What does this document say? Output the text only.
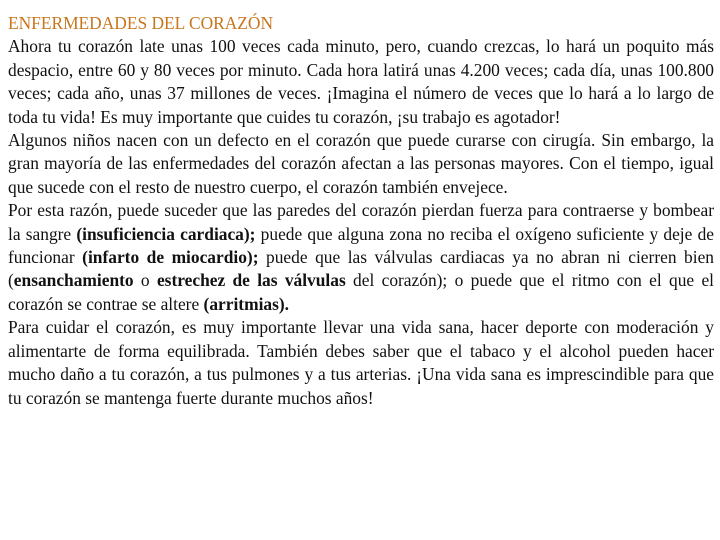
ENFERMEDADES DEL CORAZÓN

Ahora tu corazón late unas 100 veces cada minuto, pero, cuando crezcas, lo hará un poquito más despacio, entre 60 y 80 veces por minuto. Cada hora latirá unas 4.200 veces; cada día, unas 100.800 veces; cada año, unas 37 millones de veces. ¡Imagina el número de veces que lo hará a lo largo de toda tu vida! Es muy importante que cuides tu corazón, ¡su trabajo es agotador!

Algunos niños nacen con un defecto en el corazón que puede curarse con cirugía. Sin embargo, la gran mayoría de las enfermedades del corazón afectan a las personas mayores. Con el tiempo, igual que sucede con el resto de nuestro cuerpo, el corazón también envejece.

Por esta razón, puede suceder que las paredes del corazón pierdan fuerza para contraerse y bombear la sangre (insuficiencia cardiaca); puede que alguna zona no reciba el oxígeno suficiente y deje de funcionar (infarto de miocardio); puede que las válvulas cardiacas ya no abran ni cierren bien (ensanchamiento o estrechez de las válvulas del corazón); o puede que el ritmo con el que el corazón se contrae se altere (arritmias).

Para cuidar el corazón, es muy importante llevar una vida sana, hacer deporte con moderación y alimentarte de forma equilibrada. También debes saber que el tabaco y el alcohol pueden hacer mucho daño a tu corazón, a tus pulmones y a tus arterias. ¡Una vida sana es imprescindible para que tu corazón se mantenga fuerte durante muchos años!
